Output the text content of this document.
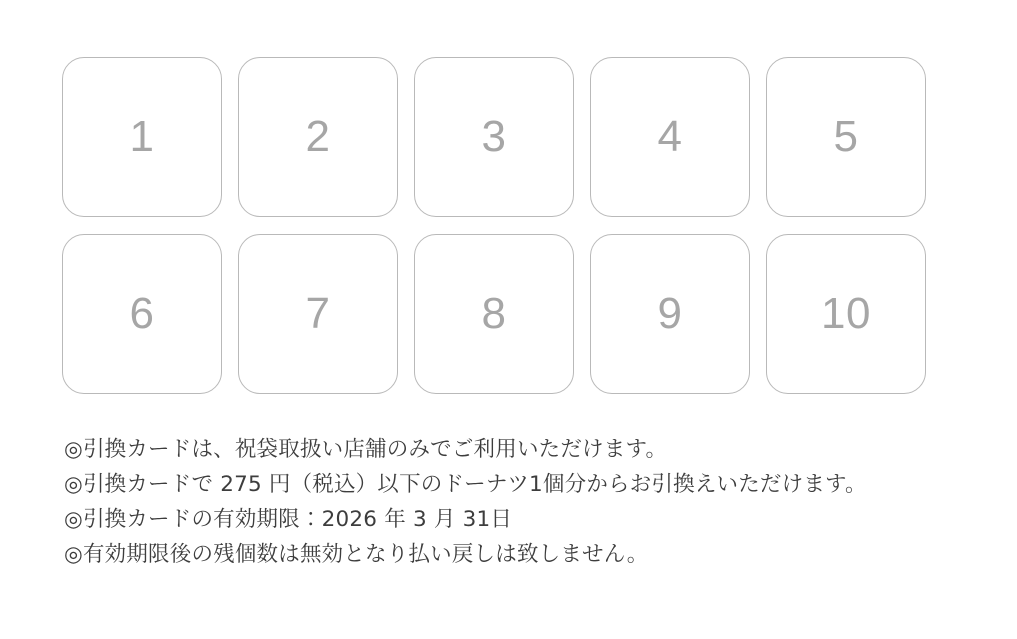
1	2	3	4	5
6	7	8	9	10
◎引換カードは、祝袋取扱い店舗のみでご利用いただけます。
◎引換カードで 275 円（税込）以下のドーナツ1個分からお引換えいただけます。
◎引換カードの有効期限：2026 年 3 月 31日
◎有効期限後の残個数は無効となり払い戻しは致しません。
